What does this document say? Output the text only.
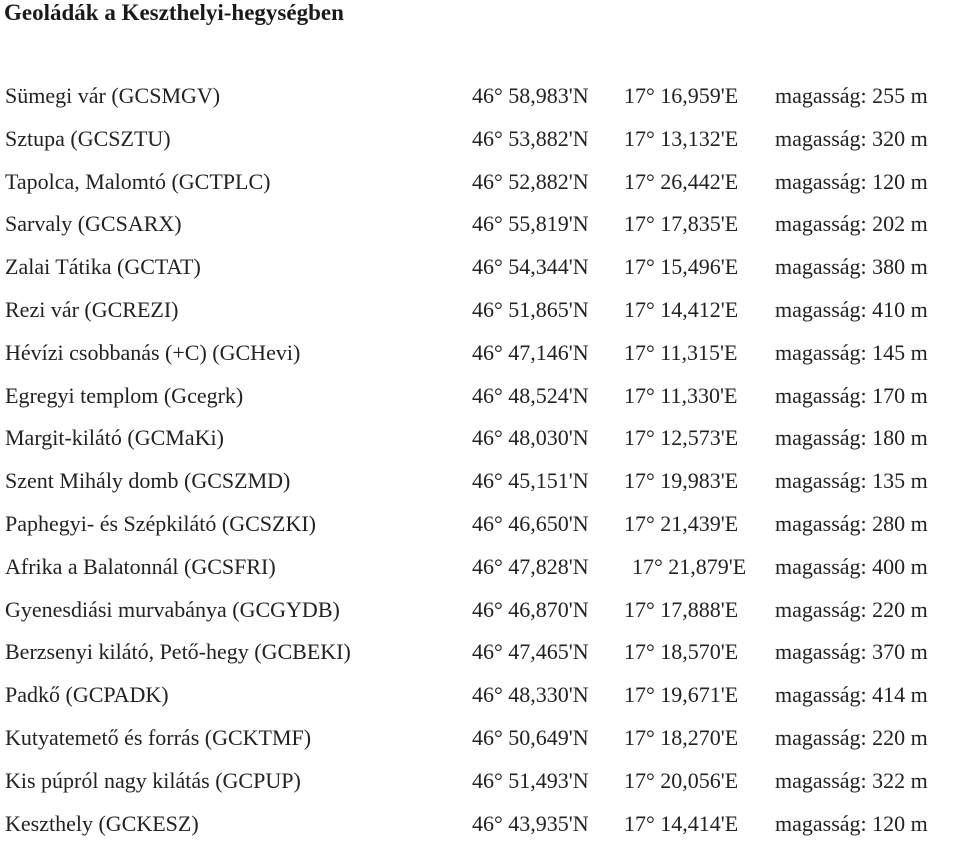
Geoládák a Keszthelyi-hegységben
Sümegi vár (GCSMGV)	46° 58,983'N 17° 16,959'E magasság: 255 m
Sztupa (GCSZTU)	46° 53,882'N 17° 13,132'E magasság: 320 m
Tapolca, Malomtó (GCTPLC)	46° 52,882'N 17° 26,442'E magasság: 120 m
Sarvaly (GCSARX)	46° 55,819'N 17° 17,835'E magasság: 202 m
Zalai Tátika (GCTAT)	46° 54,344'N 17° 15,496'E magasság: 380 m
Rezi vár (GCREZI)	46° 51,865'N 17° 14,412'E magasság: 410 m
Hévízi csobbanás (+C) (GCHevi)	46° 47,146'N 17° 11,315'E magasság: 145 m
Egregyi templom (Gcegrk)	46° 48,524'N 17° 11,330'E magasság: 170 m
Margit-kilátó (GCMaKi)	46° 48,030'N 17° 12,573'E magasság: 180 m
Szent Mihály domb (GCSZMD)	46° 45,151'N 17° 19,983'E magasság: 135 m
Paphegyi- és Szépkilátó (GCSZKI)	46° 46,650'N 17° 21,439'E magasság: 280 m
Afrika a Balatonnál (GCSFRI)	46° 47,828'N 17° 21,879'E magasság: 400 m
Gyenesdiási murvabánya (GCGYDB)	46° 46,870'N 17° 17,888'E magasság: 220 m
Berzsenyi kilátó, Pető-hegy (GCBEKI)	46° 47,465'N 17° 18,570'E magasság: 370 m
Padkő (GCPADK)	46° 48,330'N 17° 19,671'E magasság: 414 m
Kutyatemető és forrás (GCKTMF)	46° 50,649'N 17° 18,270'E magasság: 220 m
Kis púpról nagy kilátás (GCPUP)	46° 51,493'N 17° 20,056'E magasság: 322 m
Keszthely (GCKESZ)	46° 43,935'N 17° 14,414'E magasság: 120 m
